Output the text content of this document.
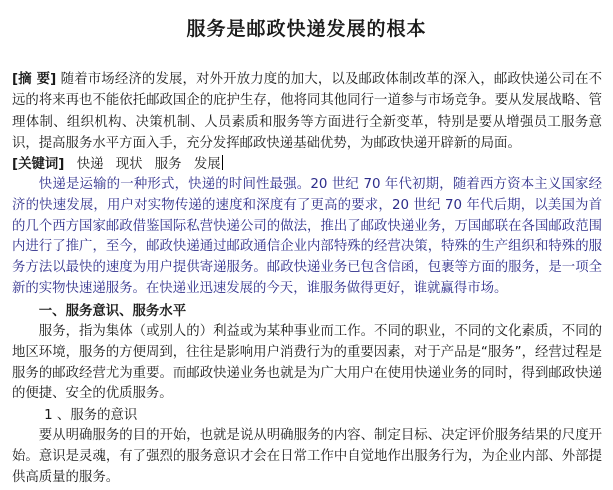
服务是邮政快递发展的根本
[摘 要] 随着市场经济的发展，对外开放力度的加大，以及邮政体制改革的深入，邮政快递公司在不远的将来再也不能依托邮政国企的庇护生存，他将同其他同行一道参与市场竞争。要从发展战略、管理体制、组织机构、决策机制、人员素质和服务等方面进行全新变革，特别是要从增强员工服务意识，提高服务水平方面入手，充分发挥邮政快递基础优势，为邮政快递开辟新的局面。
[关键词] 快递 现状 服务 发展
快递是运输的一种形式，快递的时间性最强。20 世纪 70 年代初期，随着西方资本主义国家经济的快速发展，用户对实物传递的速度和深度有了更高的要求，20 世纪 70 年代后期，以美国为首的几个西方国家邮政借鉴国际私营快递公司的做法，推出了邮政快递业务，万国邮联在各国邮政范围内进行了推广，至今，邮政快递通过邮政通信企业内部特殊的经营决策，特殊的生产组织和特殊的服务方法以最快的速度为用户提供寄递服务。邮政快递业务已包含信函，包裹等方面的服务，是一项全新的实物快速递服务。在快递业迅速发展的今天，谁服务做得更好，谁就赢得市场。
一、服务意识、服务水平
服务，指为集体（或别人的）利益或为某种事业而工作。不同的职业，不同的文化素质，不同的地区环境，服务的方便周到，往往是影响用户消费行为的重要因素，对于产品是“服务”，经营过程是服务的邮政经营尤为重要。而邮政快递业务也就是为广大用户在使用快递业务的同时，得到邮政快递的便捷、安全的优质服务。
1 、服务的意识
要从明确服务的目的开始，也就是说从明确服务的内容、制定目标、决定评价服务结果的尺度开始。意识是灵魂，有了强烈的服务意识才会在日常工作中自觉地作出服务行为，为企业内部、外部提供高质量的服务。
